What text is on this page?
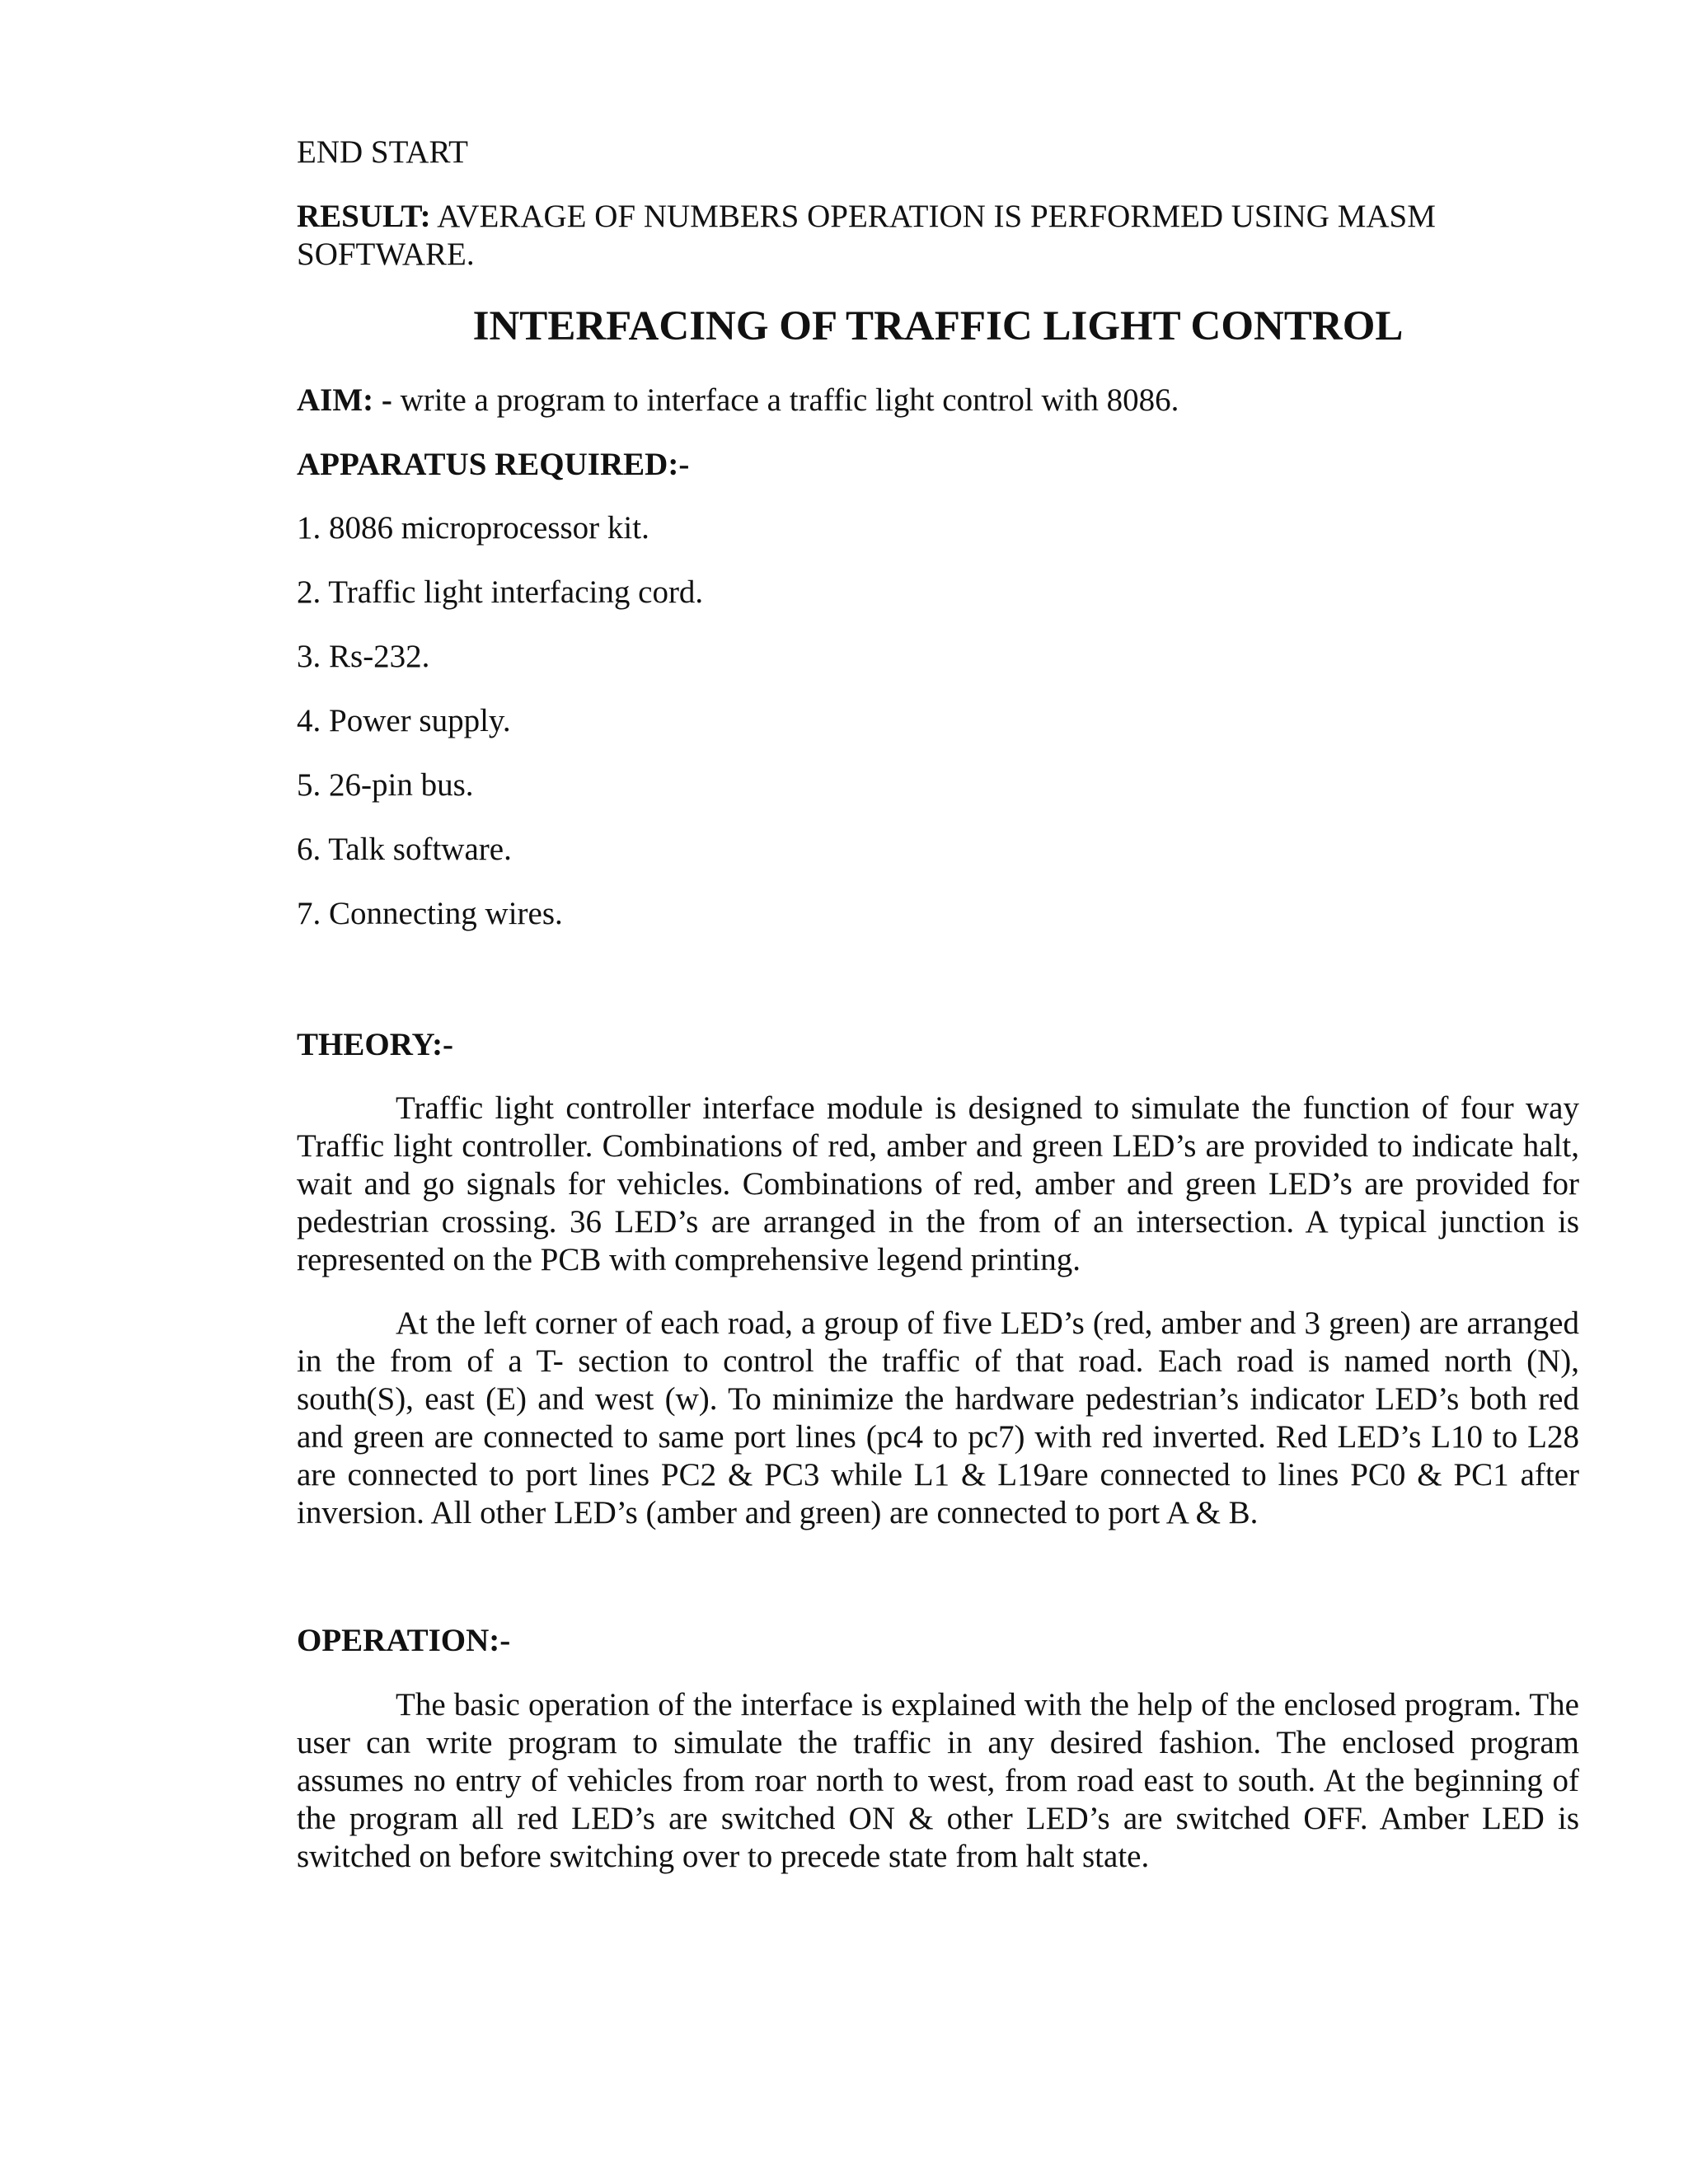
END START
RESULT: AVERAGE OF NUMBERS OPERATION IS PERFORMED USING MASM SOFTWARE.
INTERFACING OF TRAFFIC LIGHT CONTROL
AIM: - write a program to interface a traffic light control with 8086.
APPARATUS REQUIRED:-
1. 8086 microprocessor kit.
2. Traffic light interfacing cord.
3. Rs-232.
4. Power supply.
5. 26-pin bus.
6. Talk software.
7. Connecting wires.
THEORY:-
Traffic light controller interface module is designed to simulate the function of four way Traffic light controller. Combinations of red, amber and green LED’s are provided to indicate halt, wait and go signals for vehicles. Combinations of red, amber and green LED’s are provided for pedestrian crossing. 36 LED’s are arranged in the from of an intersection. A typical junction is represented on the PCB with comprehensive legend printing.
At the left corner of each road, a group of five LED’s (red, amber and 3 green) are arranged in the from of a T- section to control the traffic of that road. Each road is named north (N), south(S), east (E) and west (w). To minimize the hardware pedestrian’s indicator LED’s both red and green are connected to same port lines (pc4 to pc7) with red inverted. Red LED’s L10 to L28 are connected to port lines PC2 & PC3 while L1 & L19are connected to lines PC0 & PC1 after inversion. All other LED’s (amber and green) are connected to port A & B.
OPERATION:-
The basic operation of the interface is explained with the help of the enclosed program. The user can write program to simulate the traffic in any desired fashion. The enclosed program assumes no entry of vehicles from roar north to west, from road east to south. At the beginning of the program all red LED’s are switched ON & other LED’s are switched OFF. Amber LED is switched on before switching over to precede state from halt state.
